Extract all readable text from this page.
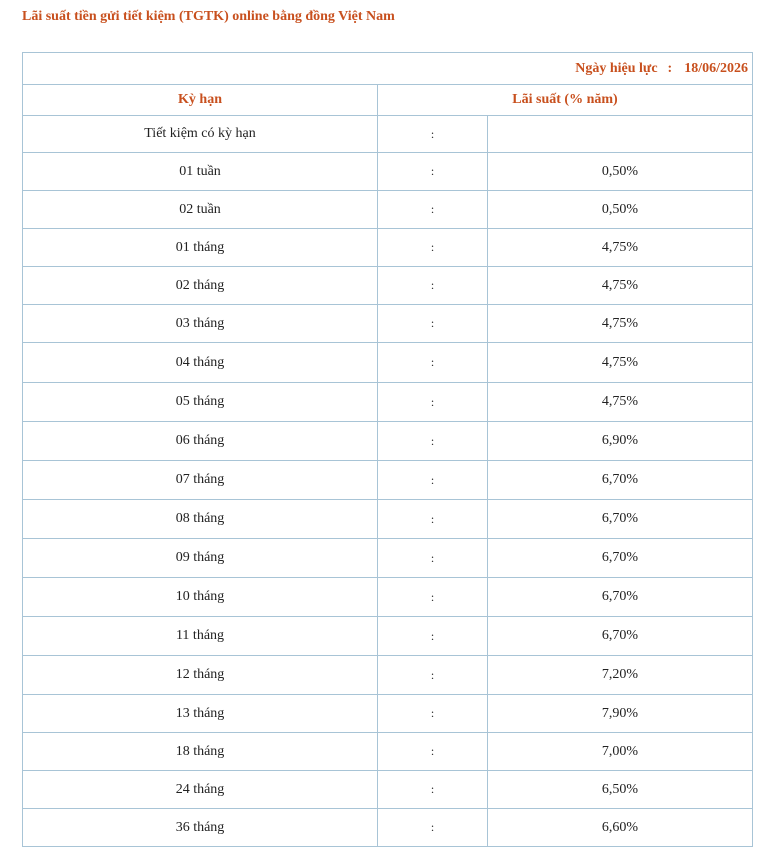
Lãi suất tiền gửi tiết kiệm (TGTK) online bằng đồng Việt Nam
Ngày hiệu lực : 18/06/2026		
Kỳ hạn	Lãi suất (% năm)	
Tiết kiệm có kỳ hạn	:	
01 tuần	:	0,50%
02 tuần	:	0,50%
01 tháng	:	4,75%
02 tháng	:	4,75%
03 tháng	:	4,75%
04 tháng	:	4,75%
05 tháng	:	4,75%
06 tháng	:	6,90%
07 tháng	:	6,70%
08 tháng	:	6,70%
09 tháng	:	6,70%
10 tháng	:	6,70%
11 tháng	:	6,70%
12 tháng	:	7,20%
13 tháng	:	7,90%
18 tháng	:	7,00%
24 tháng	:	6,50%
36 tháng	:	6,60%
